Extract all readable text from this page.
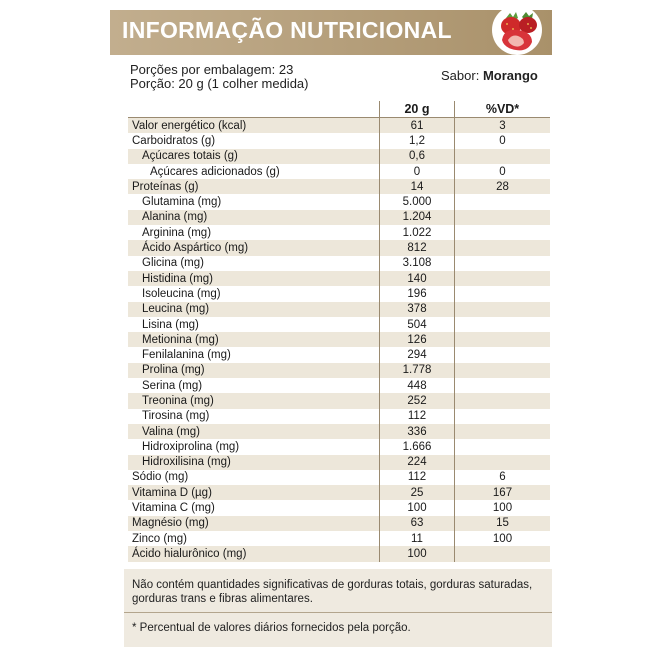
INFORMAÇÃO NUTRICIONAL
Porções por embalagem: 23
Porção: 20 g (1 colher medida)
Sabor: Morango
	20 g	%VD*
Valor energético (kcal)	61	3
Carboidratos (g)	1,2	0
Açúcares totais (g)	0,6	
Açúcares adicionados (g)	0	0
Proteínas (g)	14	28
Glutamina (mg)	5.000	
Alanina (mg)	1.204	
Arginina (mg)	1.022	
Ácido Aspártico (mg)	812	
Glicina (mg)	3.108	
Histidina (mg)	140	
Isoleucina (mg)	196	
Leucina (mg)	378	
Lisina (mg)	504	
Metionina (mg)	126	
Fenilalanina (mg)	294	
Prolina (mg)	1.778	
Serina (mg)	448	
Treonina (mg)	252	
Tirosina (mg)	112	
Valina (mg)	336	
Hidroxiprolina (mg)	1.666	
Hidroxilisina (mg)	224	
Sódio (mg)	112	6
Vitamina D (µg)	25	167
Vitamina C (mg)	100	100
Magnésio (mg)	63	15
Zinco (mg)	11	100
Ácido hialurônico (mg)	100	
Não contém quantidades significativas de gorduras totais, gorduras saturadas, gorduras trans e fibras alimentares.
* Percentual de valores diários fornecidos pela porção.
